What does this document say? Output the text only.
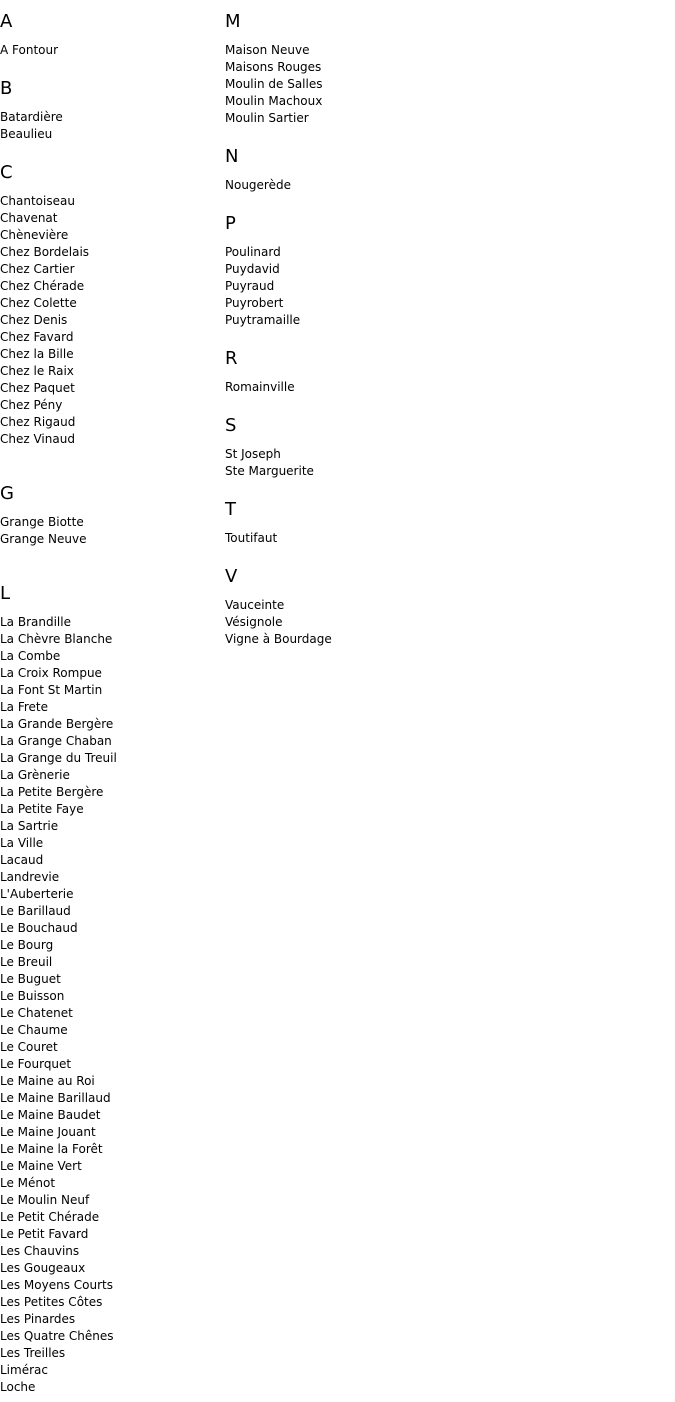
A
A Fontour
B
Batardière
Beaulieu
C
Chantoiseau
Chavenat
Chènevière
Chez Bordelais
Chez Cartier
Chez Chérade
Chez Colette
Chez Denis
Chez Favard
Chez la Bille
Chez le Raix
Chez Paquet
Chez Pény
Chez Rigaud
Chez Vinaud
G
Grange Biotte
Grange Neuve
L
La Brandille
La Chèvre Blanche
La Combe
La Croix Rompue
La Font St Martin
La Frete
La Grande Bergère
La Grange Chaban
La Grange du Treuil
La Grènerie
La Petite Bergère
La Petite Faye
La Sartrie
La Ville
Lacaud
Landrevie
L'Auberterie
Le Barillaud
Le Bouchaud
Le Bourg
Le Breuil
Le Buguet
Le Buisson
Le Chatenet
Le Chaume
Le Couret
Le Fourquet
Le Maine au Roi
Le Maine Barillaud
Le Maine Baudet
Le Maine Jouant
Le Maine la Forêt
Le Maine Vert
Le Ménot
Le Moulin Neuf
Le Petit Chérade
Le Petit Favard
Les Chauvins
Les Gougeaux
Les Moyens Courts
Les Petites Côtes
Les Pinardes
Les Quatre Chênes
Les Treilles
Limérac
Loche
M
Maison Neuve
Maisons Rouges
Moulin de Salles
Moulin Machoux
Moulin Sartier
N
Nougerède
P
Poulinard
Puydavid
Puyraud
Puyrobert
Puytramaille
R
Romainville
S
St Joseph
Ste Marguerite
T
Toutifaut
V
Vauceinte
Vésignole
Vigne à Bourdage
